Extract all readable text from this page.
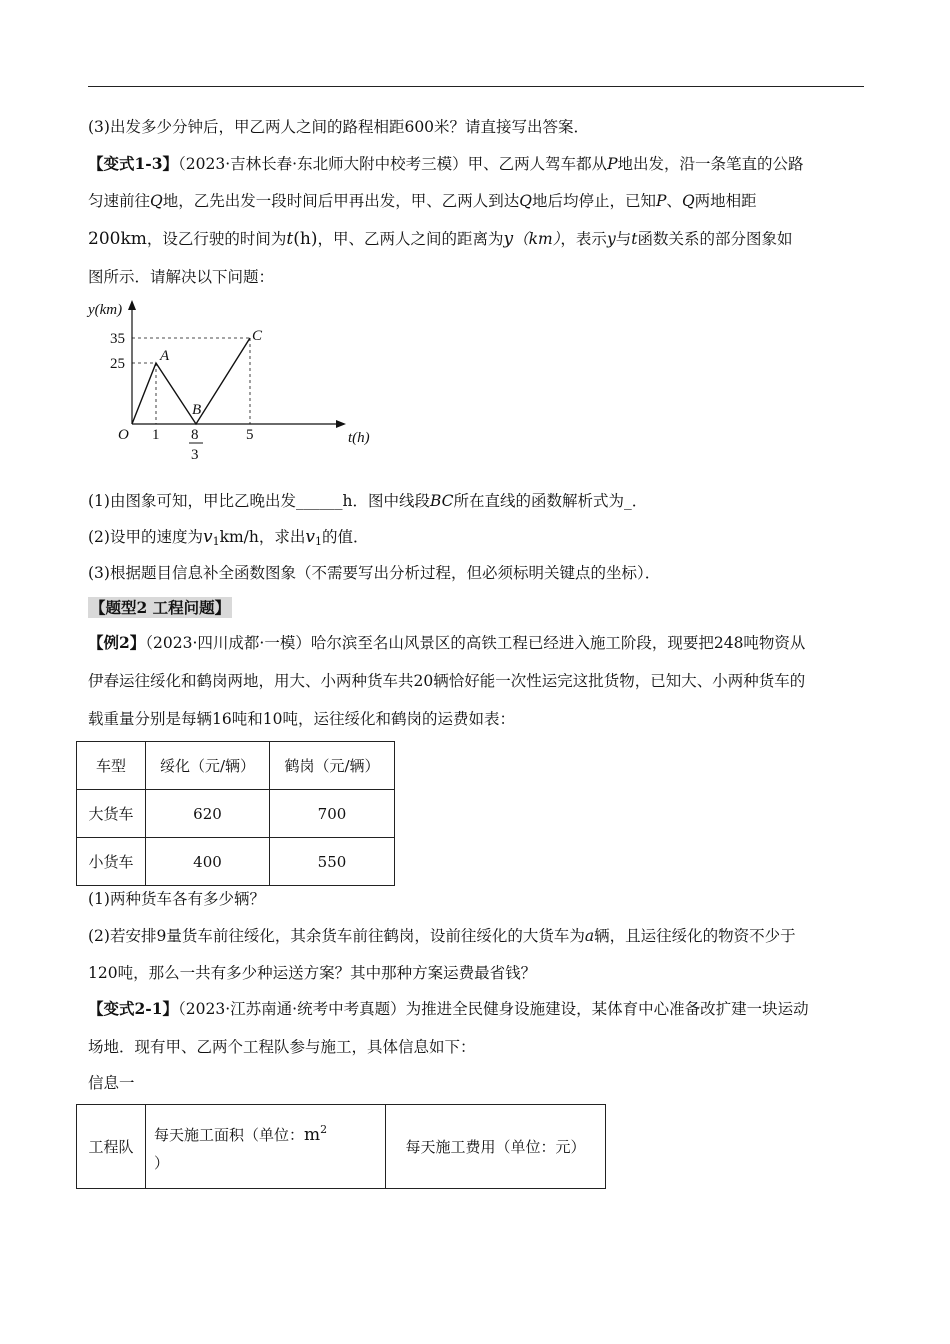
(3)出发多少分钟后，甲乙两人之间的路程相距600米？请直接写出答案．
【变式1-3】（2023·吉林长春·东北师大附中校考三模）甲、乙两人驾车都从P地出发，沿一条笔直的公路
匀速前往Q地，乙先出发一段时间后甲再出发，甲、乙两人到达Q地后均停止，已知P、Q两地相距
200km，设乙行驶的时间为t(h)，甲、乙两人之间的距离为y（km），表示y与t函数关系的部分图象如
图所示．请解决以下问题：
y(km)
t(h)
35
25
O 1 8
3
5
A
B
C
(1)由图象可知，甲比乙晚出发______h．图中线段BC所在直线的函数解析式为_．
(2)设甲的速度为$v_1km/h$，求出$v_1$的值．
(3)根据题目信息补全函数图象（不需要写出分析过程，但必须标明关键点的坐标）．
【题型2 工程问题】
【例2】（2023·四川成都·一模）哈尔滨至名山风景区的高铁工程已经进入施工阶段，现要把248吨物资从
伊春运往绥化和鹤岗两地，用大、小两种货车共20辆恰好能一次性运完这批货物，已知大、小两种货车的
载重量分别是每辆16吨和10吨，运往绥化和鹤岗的运费如表：
车型	绥化（元/辆）	鹤岗（元/辆）
大货车	620	700
小货车	400	550
(1)两种货车各有多少辆？
(2)若安排9量货车前往绥化，其余货车前往鹤岗，设前往绥化的大货车为a辆，且运往绥化的物资不少于
120吨，那么一共有多少种运送方案？其中那种方案运费最省钱？
【变式2-1】（2023·江苏南通·统考中考真题）为推进全民健身设施建设，某体育中心准备改扩建一块运动
场地．现有甲、乙两个工程队参与施工，具体信息如下：
信息一
工程队	每天施工面积（单位：$m^2$
）	每天施工费用（单位：元）
